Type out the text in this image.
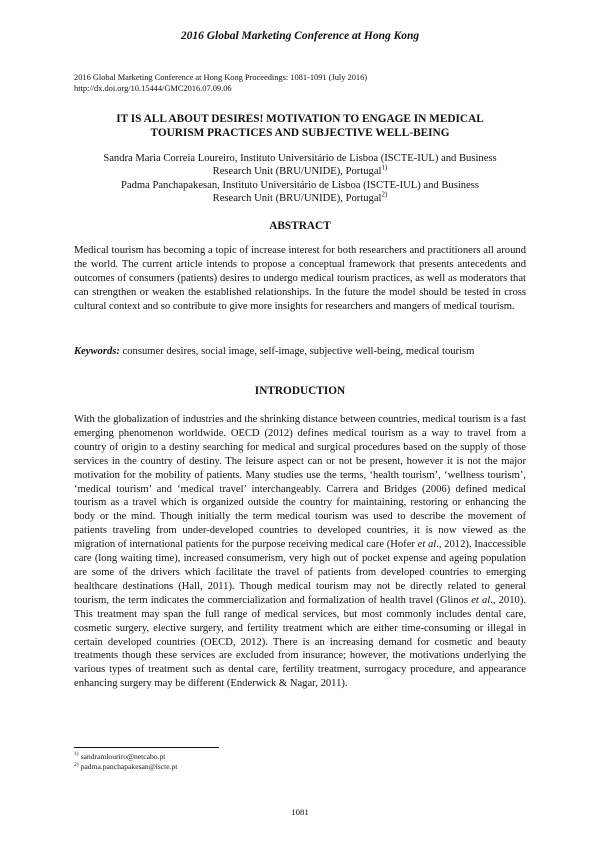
2016 Global Marketing Conference at Hong Kong
2016 Global Marketing Conference at Hong Kong Proceedings: 1081-1091 (July 2016)
http://dx.doi.org/10.15444/GMC2016.07.09.06
IT IS ALL ABOUT DESIRES! MOTIVATION TO ENGAGE IN MEDICAL
TOURISM PRACTICES AND SUBJECTIVE WELL-BEING
Sandra Maria Correia Loureiro, Instituto Universitário de Lisboa (ISCTE-IUL) and Business
Research Unit (BRU/UNIDE), Portugal$^{1)}$
Padma Panchapakesan, Instituto Universitário de Lisboa (ISCTE-IUL) and Business
Research Unit (BRU/UNIDE), Portugal$^{2)}$
ABSTRACT

Medical tourism has becoming a topic of increase interest for both researchers and practitioners all around the world. The current article intends to propose a conceptual framework that presents antecedents and outcomes of consumers (patients) desires to undergo medical tourism practices, as well as moderators that can strengthen or weaken the established relationships. In the future the model should be tested in cross cultural context and so contribute to give more insights for researchers and mangers of medical tourism.

Keywords: consumer desires, social image, self-image, subjective well-being, medical tourism

INTRODUCTION

With the globalization of industries and the shrinking distance between countries, medical tourism is a fast emerging phenomenon worldwide. OECD (2012) defines medical tourism as a way to travel from a country of origin to a destiny searching for medical and surgical procedures based on the supply of those services in the country of destiny. The leisure aspect can or not be present, however it is not the major motivation for the mobility of patients. Many studies use the terms, ‘health tourism’, ‘wellness tourism’, ‘medical tourism’ and ‘medical travel’ interchangeably. Carrera and Bridges (2006) defined medical tourism as a travel which is organized outside the country for maintaining, restoring or enhancing the body or the mind. Though initially the term medical tourism was used to describe the movement of patients traveling from under-developed countries to developed countries, it is now viewed as the migration of international patients for the purpose receiving medical care (Hofer et al., 2012). Inaccessible care (long waiting time), increased consumerism, very high out of pocket expense and ageing population are some of the drivers which facilitate the travel of patients from developed countries to emerging healthcare destinations (Hall, 2011). Though medical tourism may not be directly related to general tourism, the term indicates the commercialization and formalization of health travel (Glinos et al., 2010). This treatment may span the full range of medical services, but most commonly includes dental care, cosmetic surgery, elective surgery, and fertility treatment which are either time-consuming or illegal in certain developed countries (OECD, 2012). There is an increasing demand for cosmetic and beauty treatments though these services are excluded from insurance; however, the motivations underlying the various types of treatment such as dental care, fertility treatment, surrogacy procedure, and appearance enhancing surgery may be different (Enderwick & Nagar, 2011).

$^{1)}$ sandramlouriro@netcabo.pt
$^{2)}$ padma.panchapakesan@iscte.pt
1081
